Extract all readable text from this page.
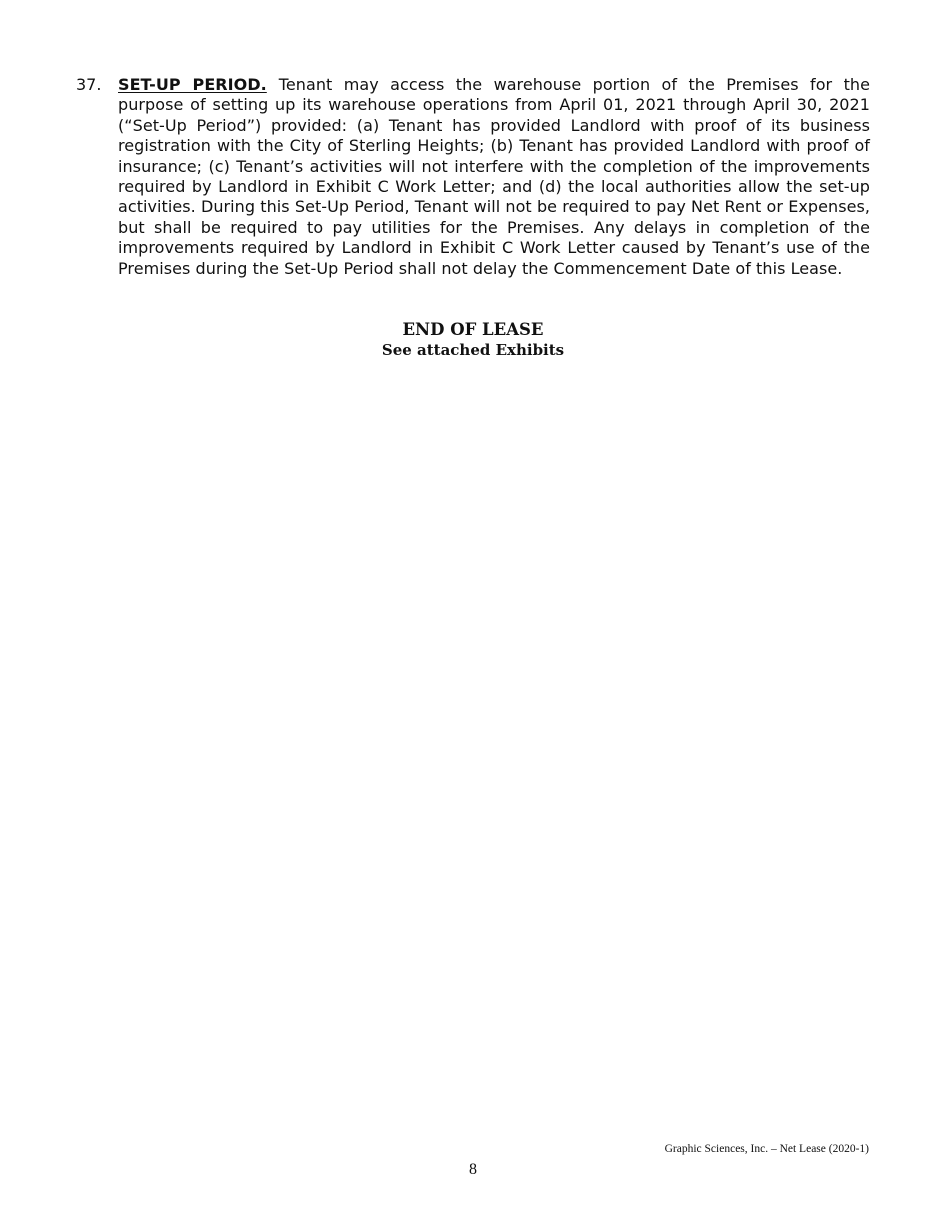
37. SET-UP PERIOD. Tenant may access the warehouse portion of the Premises for the purpose of setting up its warehouse operations from April 01, 2021 through April 30, 2021 (“Set-Up Period”) provided: (a) Tenant has provided Landlord with proof of its business registration with the City of Sterling Heights; (b) Tenant has provided Landlord with proof of insurance; (c) Tenant’s activities will not interfere with the completion of the improvements required by Landlord in Exhibit C Work Letter; and (d) the local authorities allow the set-up activities. During this Set-Up Period, Tenant will not be required to pay Net Rent or Expenses, but shall be required to pay utilities for the Premises. Any delays in completion of the improvements required by Landlord in Exhibit C Work Letter caused by Tenant’s use of the Premises during the Set-Up Period shall not delay the Commencement Date of this Lease.
END OF LEASE
See attached Exhibits
Graphic Sciences, Inc. – Net Lease (2020-1)
8
